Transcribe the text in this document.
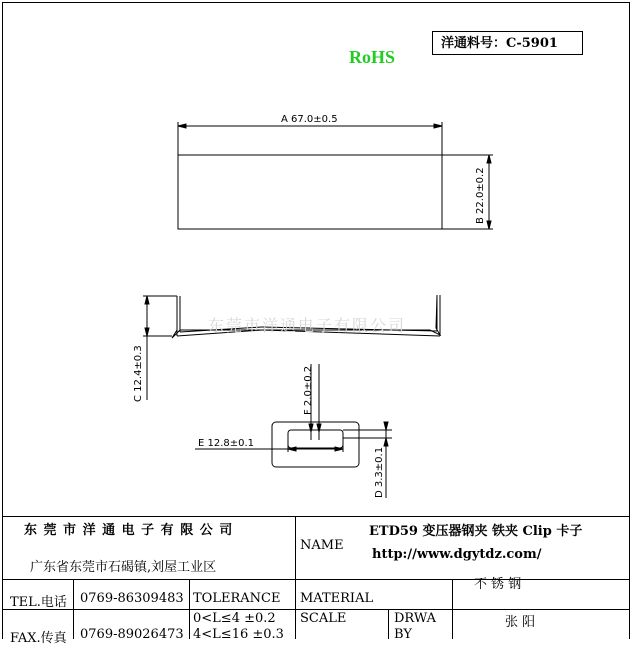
RoHS
洋通料号：C-5901
A 67.0±0.5
B 22.0±0.2
C 12.4±0.3	F 2.0±0.2
E 12.8±0.1
D 3.3±0.1
东莞市洋通电子有限公司
东 莞 市 洋 通 电 子 有 限 公 司
广东省东莞市石碣镇,刘屋工业区
NAME
ETD59 变压器钢夹 铁夹 Clip 卡子
http://www.dgytdz.com/
TEL.电话 0769-86309483 TOLERANCE MATERIAL
不 锈 钢
FAX.传真 0769-89026473
0<L≤4 ±0.2
4<L≤16 ±0.3
SCALE	DRWA
BY
张 阳
